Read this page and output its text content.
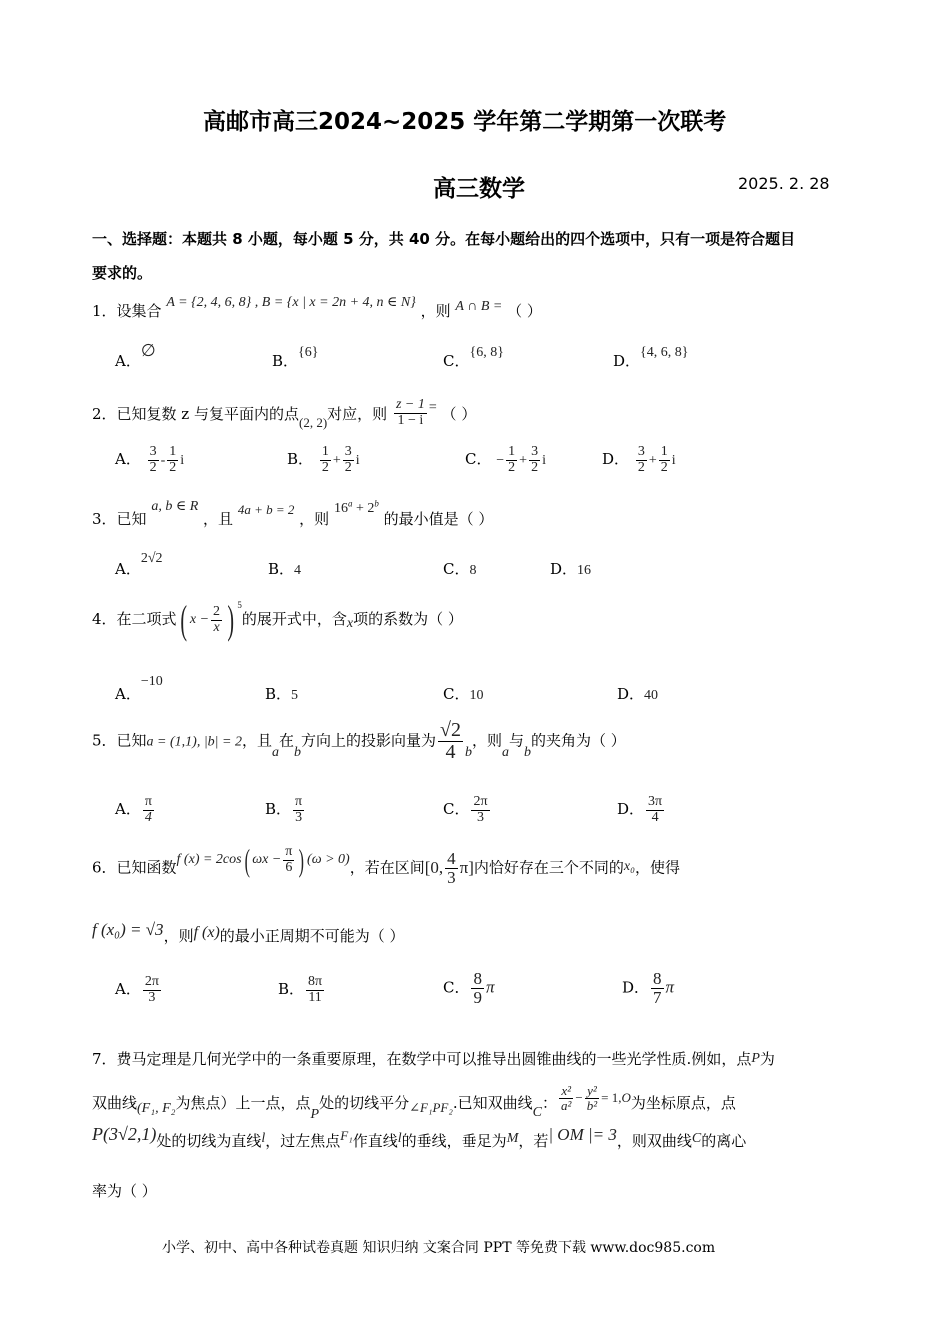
高邮市高三2024~2025 学年第二学期第一次联考
高三数学	2025. 2. 28
一、选择题：本题共 8 小题，每小题 5 分，共 40 分。在每小题给出的四个选项中，只有一项是符合题目
要求的。
1．设集合 A = {2, 4, 6, 8} , B = {x | x = 2n + 4, n ∈ N} ，则 A ∩ B = （ ）
A．∅
B．{6}	C．{6, 8}	D．{4, 6, 8}
2．已知复数 z 与复平面内的点(2, 2)对应，则 $\frac{z - 1}{1 - i}$ = （ ）
A． $\frac{3}{2} - \frac{1}{2}$ i	B． $\frac{1}{2} + \frac{3}{2}$ i	C． − $\frac{1}{2} + \frac{3}{2}$ i	D． $\frac{3}{2} + \frac{1}{2}$ i
3．已知 a, b ∈ R ，且 4a + b = 2 ，则 $16^a + 2^b$ 的最小值是（ ）
A．2√2
B．4	C．8	D．16
4．在二项式 ( $x - \frac{2}{x}$ ) 5
的展开式中，含x项的系数为（ ）
A．−10
B．5	C．10	D．40
5．已知a = (1,1), |b| = 2，且a在b方向上的投影向量为 $\frac{√2}{4}$ b，则a与b的夹角为（ ）
A． $\frac{\pi}{4}$	B． $\frac{\pi}{3}$	C． $\frac{2\pi}{3}$	D． $\frac{3\pi}{4}$
6．已知函数 f (x) = 2cos ( $\omega x - \frac{\pi}{6}$ ) (ω > 0) ，若在区间 [0, $\frac{4}{3} \pi$] 内恰好存在三个不同的x₀，使得
f (x₀) = √3，则f (x)的最小正周期不可能为（ ）
A． $\frac{2\pi}{3}$	B． $\frac{8\pi}{11}$	C． $\frac{8}{9}$ π	D． $\frac{8}{7}$ π
7．费马定理是几何光学中的一条重要原理，在数学中可以推导出圆锥曲线的一些光学性质.例如，点P为
双曲线(F₁, F₂为焦点）上一点，点P处的切线平分∠F₁PF₂.已知双曲线C： $\frac{\text{x²}}{\text{a²}} - \frac{\text{y²}}{\text{b²}} = 1$, O 为坐标原点，点
P(3√2,1)处的切线为直线l，过左焦点F₁作直线l的垂线，垂足为M，若| OM |= 3，则双曲线C的离心
率为（ ）
小学、初中、高中各种试卷真题 知识归纳 文案合同 PPT 等免费下载 www.doc985.com
